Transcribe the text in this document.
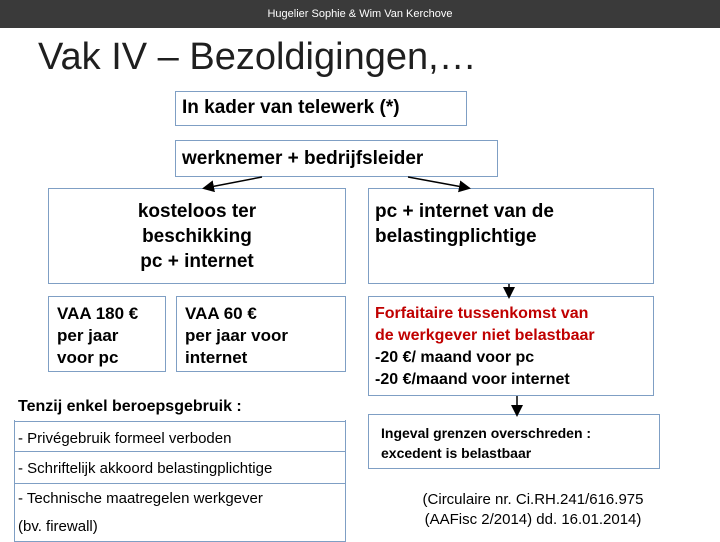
Hugelier Sophie & Wim Van Kerchove
Vak IV – Bezoldigingen,…
In kader van telewerk (*)
werknemer + bedrijfsleider
kosteloos ter
beschikking
pc + internet
pc + internet van de
belastingplichtige
VAA 180 €
per jaar
voor pc
VAA 60 €
per jaar voor
internet
Forfaitaire tussenkomst van
de werkgever niet belastbaar
-20 €/ maand voor pc
-20 €/maand voor internet
Ingeval grenzen overschreden :
excedent is belastbaar
Tenzij enkel beroepsgebruik :
- Privégebruik formeel verboden
- Schriftelijk akkoord belastingplichtige
- Technische maatregelen werkgever
(bv. firewall)
(Circulaire nr. Ci.RH.241/616.975
(AAFisc 2/2014) dd. 16.01.2014)
